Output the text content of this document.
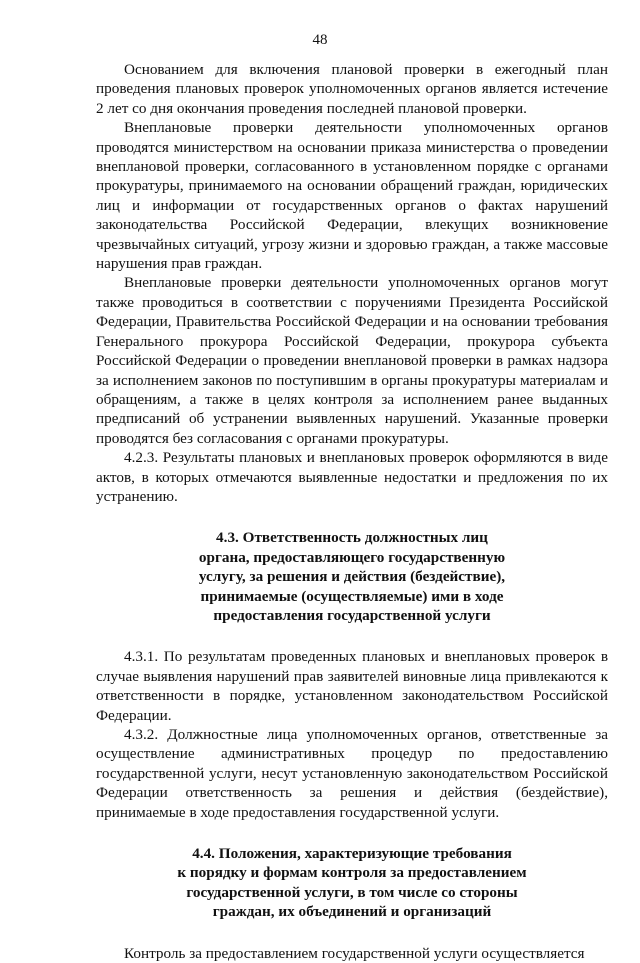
48

Основанием для включения плановой проверки в ежегодный план проведения плановых проверок уполномоченных органов является истечение 2 лет со дня окончания проведения последней плановой проверки.

Внеплановые проверки деятельности уполномоченных органов проводятся министерством на основании приказа министерства о проведении внеплановой проверки, согласованного в установленном порядке с органами прокуратуры, принимаемого на основании обращений граждан, юридических лиц и информации от государственных органов о фактах нарушений законодательства Российской Федерации, влекущих возникновение чрезвычайных ситуаций, угрозу жизни и здоровью граждан, а также массовые нарушения прав граждан.

Внеплановые проверки деятельности уполномоченных органов могут также проводиться в соответствии с поручениями Президента Российской Федерации, Правительства Российской Федерации и на основании требования Генерального прокурора Российской Федерации, прокурора субъекта Российской Федерации о проведении внеплановой проверки в рамках надзора за исполнением законов по поступившим в органы прокуратуры материалам и обращениям, а также в целях контроля за исполнением ранее выданных предписаний об устранении выявленных нарушений. Указанные проверки проводятся без согласования с органами прокуратуры.

4.2.3. Результаты плановых и внеплановых проверок оформляются в виде актов, в которых отмечаются выявленные недостатки и предложения по их устранению.

4.3. Ответственность должностных лиц
органа, предоставляющего государственную
услугу, за решения и действия (бездействие),
принимаемые (осуществляемые) ими в ходе
предоставления государственной услуги

4.3.1. По результатам проведенных плановых и внеплановых проверок в случае выявления нарушений прав заявителей виновные лица привлекаются к ответственности в порядке, установленном законодательством Российской Федерации.

4.3.2. Должностные лица уполномоченных органов, ответственные за осуществление административных процедур по предоставлению государственной услуги, несут установленную законодательством Российской Федерации ответственность за решения и действия (бездействие), принимаемые в ходе предоставления государственной услуги.

4.4. Положения, характеризующие требования
к порядку и формам контроля за предоставлением
государственной услуги, в том числе со стороны
граждан, их объединений и организаций

Контроль за предоставлением государственной услуги осуществляется
